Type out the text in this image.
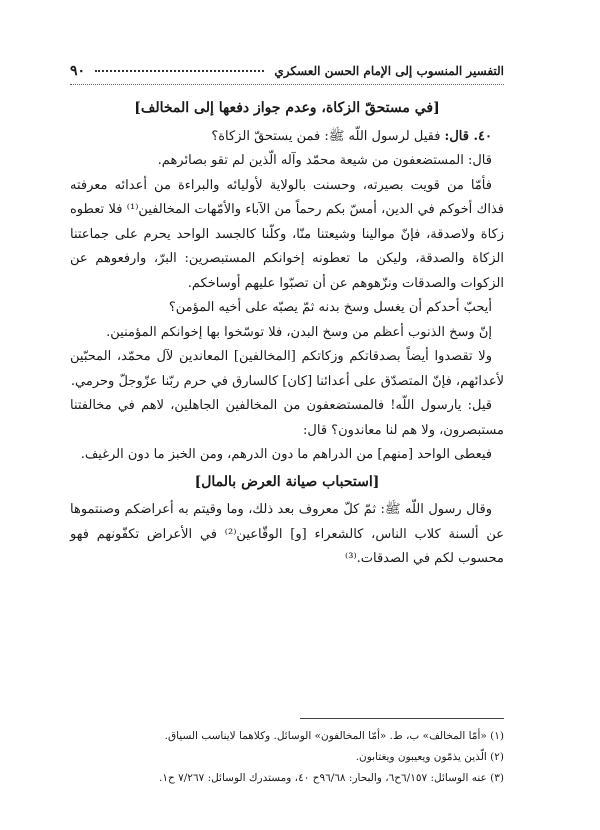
التفسير المنسوب إلى الإمام الحسن العسكري
٩٠
[في مستحقّ الزكاة، وعدم جواز دفعها إلى المخالف]

٤٠. قال: فقيل لرسول اللّه ﷺ: فمن يستحقّ الزكاة؟

قال: المستضعفون من شيعة محمّد وآله الّذين لم تقو بصائرهم.

فأمّا من قويت بصيرته، وحسنت بالولاية لأوليائه والبراءة من أعدائه معرفته فذاك أخوكم في الدين، أمسّ بكم رحماً من الآباء والأمّهات المخالفين⁽¹⁾ فلا تعطوه زكاة ولاصدقة، فإنّ موالينا وشيعتنا منّا، وكلّنا كالجسد الواحد يحرم على جماعتنا الزكاة والصدقة، وليكن ما تعطونه إخوانكم المستبصرين: البرّ، وارفعوهم عن الزكوات والصدقات ونزّهوهم عن أن تصبّوا عليهم أوساخكم.

أيحبّ أحدكم أن يغسل وسخ بدنه ثمّ يصبّه على أخيه المؤمن؟

إنّ وسخ الذنوب أعظم من وسخ البدن، فلا توسّخوا بها إخوانكم المؤمنين.

ولا تقصدوا أيضاً بصدقاتكم وزكاتكم [المخالفين] المعاندين لآل محمّد، المحبّين لأعدائهم، فإنّ المتصدّق على أعدائنا [كان] كالسارق في حرم ربّنا عزّوجلّ وحرمي.

قيل: يارسول اللّه! فالمستضعفون من المخالفين الجاهلين، لاهم في مخالفتنا مستبصرون، ولا هم لنا معاندون؟ قال:

فيعطى الواحد [منهم] من الدراهم ما دون الدرهم، ومن الخبز ما دون الرغيف.

[استحباب صيانة العرض بالمال]

وقال رسول اللّه ﷺ: ثمّ كلّ معروف بعد ذلك، وما وقيتم به أعراضكم وصنتموها عن ألسنة كلاب الناس، كالشعراء [و] الوقّاعين⁽²⁾ في الأعراض تكفّونهم فهو محسوب لكم في الصدقات.⁽³⁾

(١) «أمّا المخالف» ب، ط. «أمّا المخالفون» الوسائل. وكلاهما لايناسب السياق.
(٢) الّذين يذمّون ويعيبون ويغتابون.
(٣) عنه الوسائل: ٦/١٥٧ح٦، والبحار: ٩٦/٦٨ح ٤٠، ومستدرك الوسائل: ٧/٢٦٧ ح١.
